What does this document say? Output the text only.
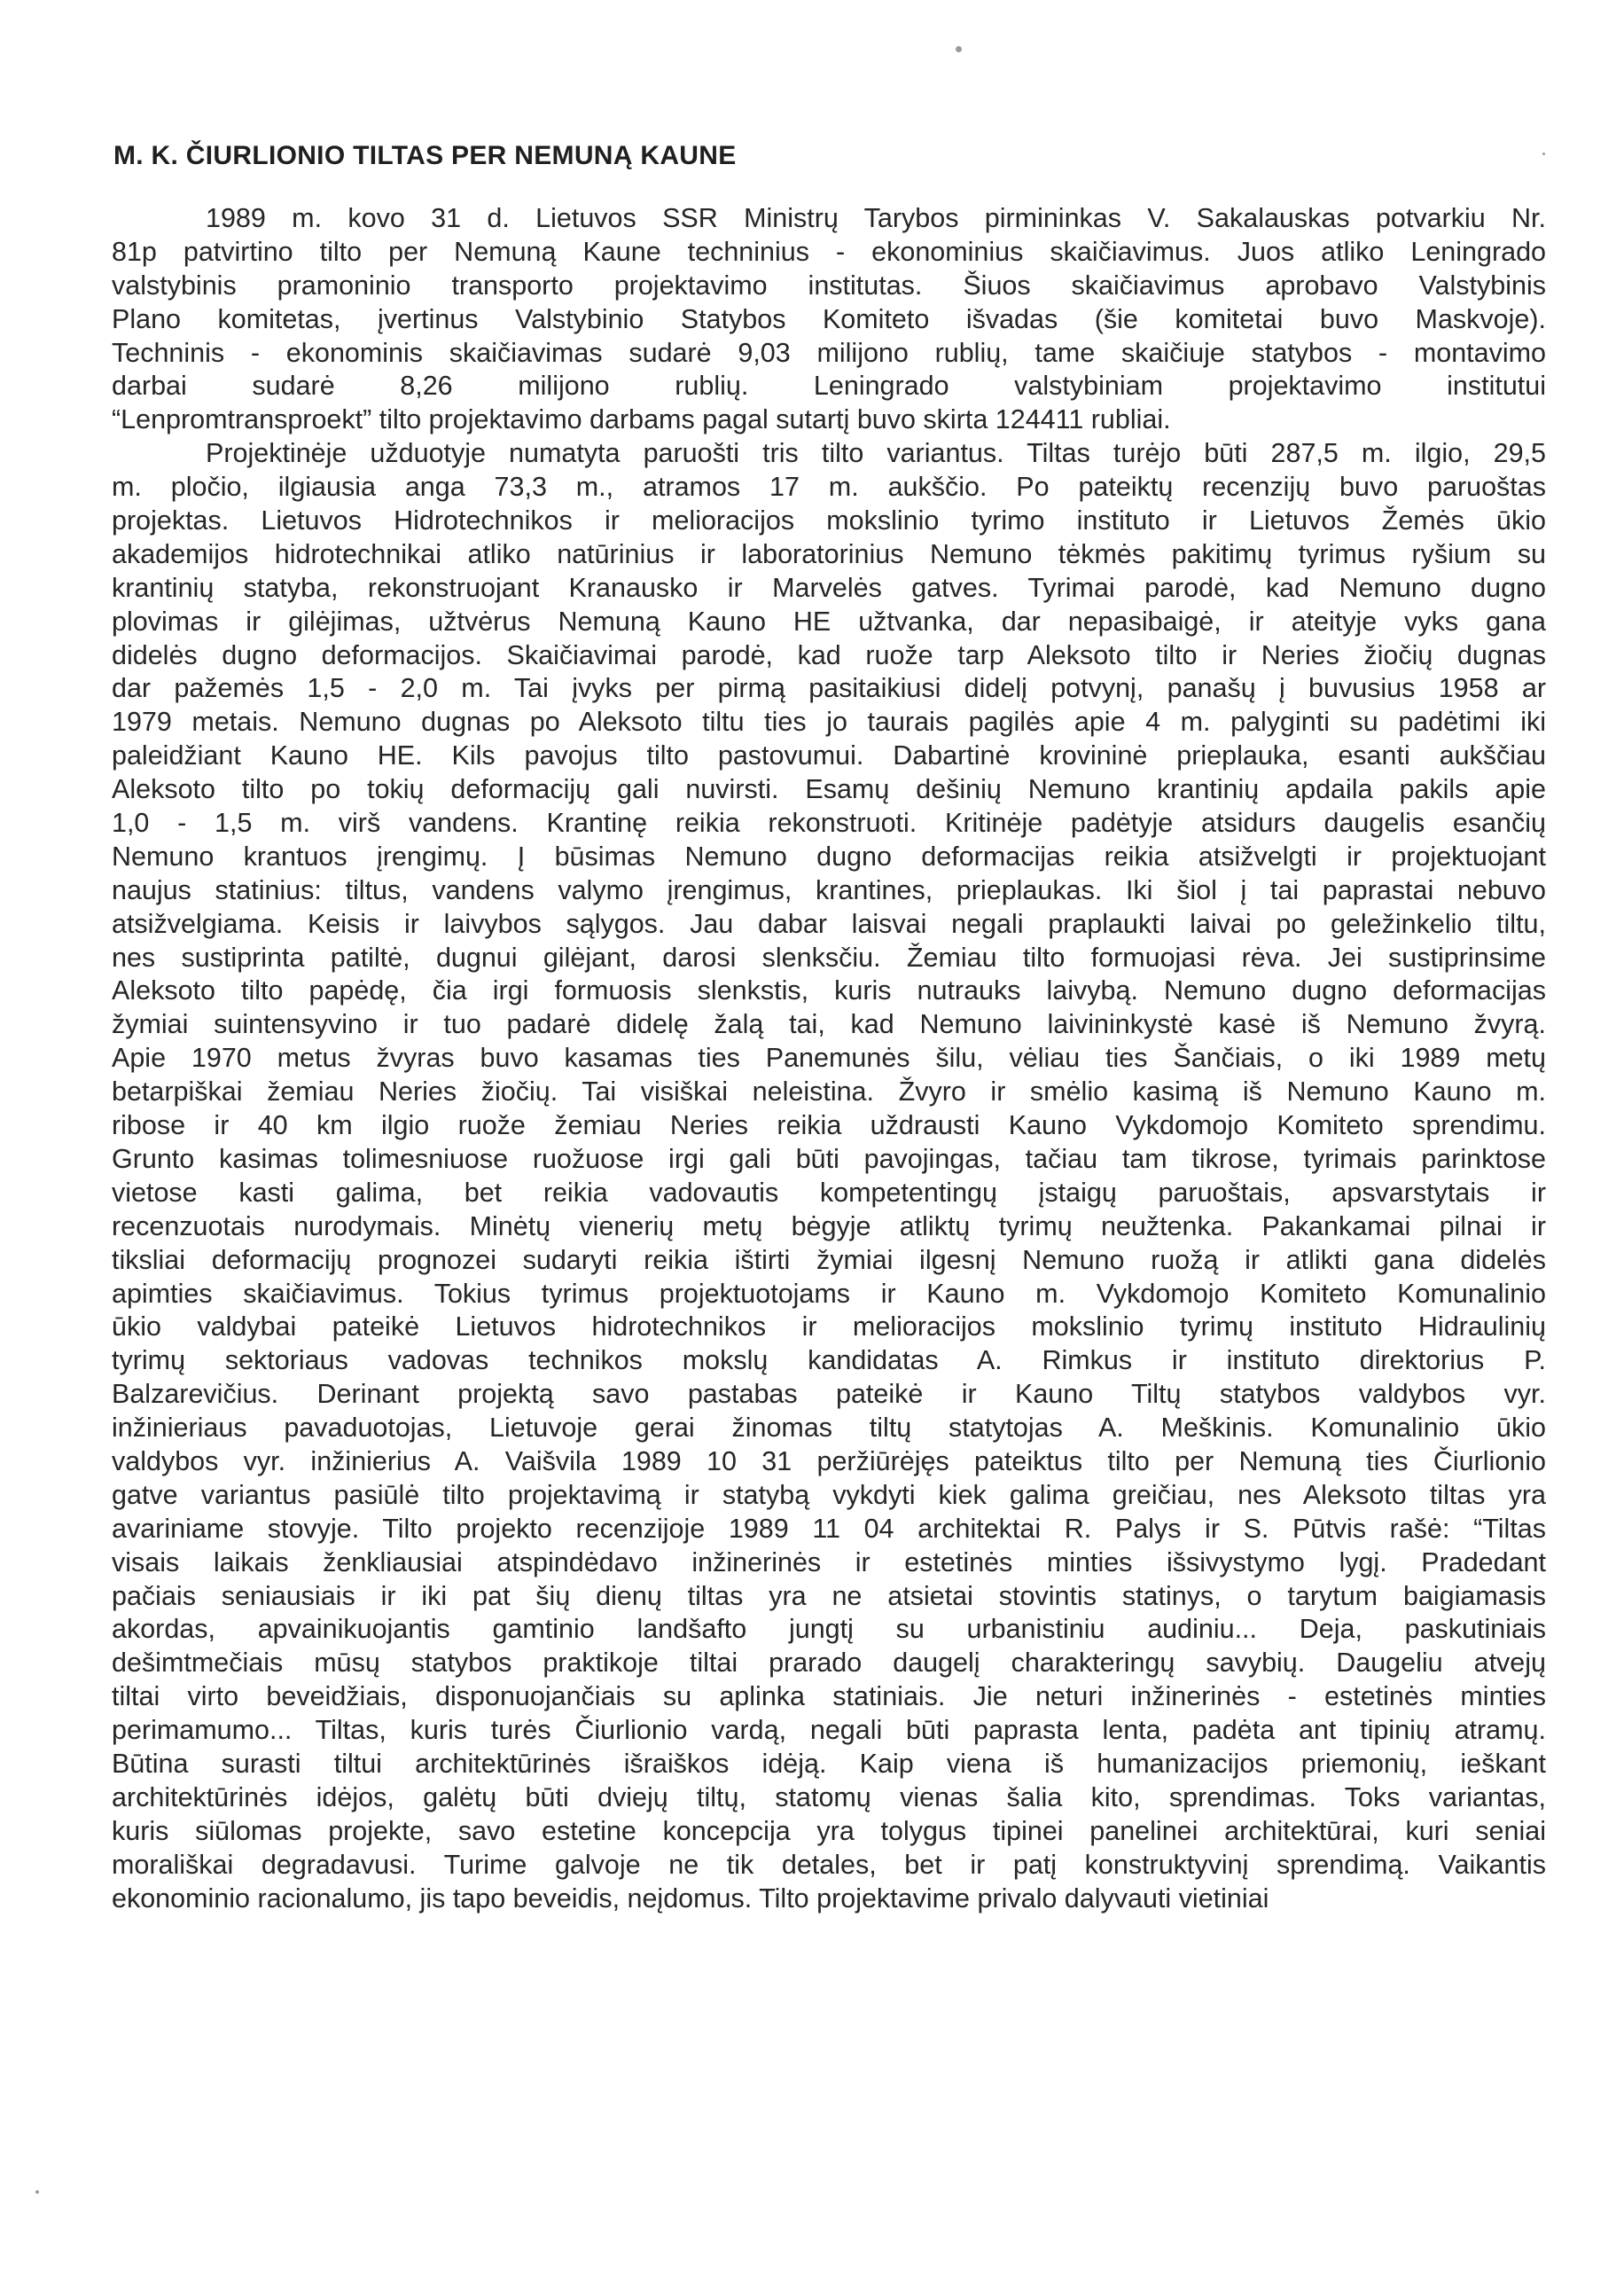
M. K. ČIURLIONIO TILTAS PER NEMUNĄ KAUNE

1989 m. kovo 31 d. Lietuvos SSR Ministrų Tarybos pirmininkas V. Sakalauskas potvarkiu Nr.
81p patvirtino tilto per Nemuną Kaune techninius - ekonominius skaičiavimus. Juos atliko Leningrado
valstybinis pramoninio transporto projektavimo institutas. Šiuos skaičiavimus aprobavo Valstybinis
Plano komitetas, įvertinus Valstybinio Statybos Komiteto išvadas (šie komitetai buvo Maskvoje).
Techninis - ekonominis skaičiavimas sudarė 9,03 milijono rublių, tame skaičiuje statybos - montavimo
darbai sudarė 8,26 milijono rublių. Leningrado valstybiniam projektavimo institutui
“Lenpromtransproekt” tilto projektavimo darbams pagal sutartį buvo skirta 124411 rubliai.

Projektinėje užduotyje numatyta paruošti tris tilto variantus. Tiltas turėjo būti 287,5 m. ilgio, 29,5
m. pločio, ilgiausia anga 73,3 m., atramos 17 m. aukščio. Po pateiktų recenzijų buvo paruoštas
projektas. Lietuvos Hidrotechnikos ir melioracijos mokslinio tyrimo instituto ir Lietuvos Žemės ūkio
akademijos hidrotechnikai atliko natūrinius ir laboratorinius Nemuno tėkmės pakitimų tyrimus ryšium su
krantinių statyba, rekonstruojant Kranausko ir Marvelės gatves. Tyrimai parodė, kad Nemuno dugno
plovimas ir gilėjimas, užtvėrus Nemuną Kauno HE užtvanka, dar nepasibaigė, ir ateityje vyks gana
didelės dugno deformacijos. Skaičiavimai parodė, kad ruože tarp Aleksoto tilto ir Neries žiočių dugnas
dar pažemės 1,5 - 2,0 m. Tai įvyks per pirmą pasitaikiusi didelį potvynį, panašų į buvusius 1958 ar
1979 metais. Nemuno dugnas po Aleksoto tiltu ties jo taurais pagilės apie 4 m. palyginti su padėtimi iki
paleidžiant Kauno HE. Kils pavojus tilto pastovumui. Dabartinė krovininė prieplauka, esanti aukščiau
Aleksoto tilto po tokių deformacijų gali nuvirsti. Esamų dešinių Nemuno krantinių apdaila pakils apie
1,0 - 1,5 m. virš vandens. Krantinę reikia rekonstruoti. Kritinėje padėtyje atsidurs daugelis esančių
Nemuno krantuos įrengimų. Į būsimas Nemuno dugno deformacijas reikia atsižvelgti ir projektuojant
naujus statinius: tiltus, vandens valymo įrengimus, krantines, prieplaukas. Iki šiol į tai paprastai nebuvo
atsižvelgiama. Keisis ir laivybos sąlygos. Jau dabar laisvai negali praplaukti laivai po geležinkelio tiltu,
nes sustiprinta patiltė, dugnui gilėjant, darosi slenksčiu. Žemiau tilto formuojasi rėva. Jei sustiprinsime
Aleksoto tilto papėdę, čia irgi formuosis slenkstis, kuris nutrauks laivybą. Nemuno dugno deformacijas
žymiai suintensyvino ir tuo padarė didelę žalą tai, kad Nemuno laivininkystė kasė iš Nemuno žvyrą.
Apie 1970 metus žvyras buvo kasamas ties Panemunės šilu, vėliau ties Šančiais, o iki 1989 metų
betarpiškai žemiau Neries žiočių. Tai visiškai neleistina. Žvyro ir smėlio kasimą iš Nemuno Kauno m.
ribose ir 40 km ilgio ruože žemiau Neries reikia uždrausti Kauno Vykdomojo Komiteto sprendimu.
Grunto kasimas tolimesniuose ruožuose irgi gali būti pavojingas, tačiau tam tikrose, tyrimais parinktose
vietose kasti galima, bet reikia vadovautis kompetentingų įstaigų paruoštais, apsvarstytais ir
recenzuotais nurodymais. Minėtų vienerių metų bėgyje atliktų tyrimų neužtenka. Pakankamai pilnai ir
tiksliai deformacijų prognozei sudaryti reikia ištirti žymiai ilgesnį Nemuno ruožą ir atlikti gana didelės
apimties skaičiavimus. Tokius tyrimus projektuotojams ir Kauno m. Vykdomojo Komiteto Komunalinio
ūkio valdybai pateikė Lietuvos hidrotechnikos ir melioracijos mokslinio tyrimų instituto Hidraulinių
tyrimų sektoriaus vadovas technikos mokslų kandidatas A. Rimkus ir instituto direktorius P.
Balzarevičius. Derinant projektą savo pastabas pateikė ir Kauno Tiltų statybos valdybos vyr.
inžinieriaus pavaduotojas, Lietuvoje gerai žinomas tiltų statytojas A. Meškinis. Komunalinio ūkio
valdybos vyr. inžinierius A. Vaišvila 1989 10 31 peržiūrėjęs pateiktus tilto per Nemuną ties Čiurlionio
gatve variantus pasiūlė tilto projektavimą ir statybą vykdyti kiek galima greičiau, nes Aleksoto tiltas yra
avariniame stovyje. Tilto projekto recenzijoje 1989 11 04 architektai R. Palys ir S. Pūtvis rašė: “Tiltas
visais laikais ženkliausiai atspindėdavo inžinerinės ir estetinės minties išsivystymo lygį. Pradedant
pačiais seniausiais ir iki pat šių dienų tiltas yra ne atsietai stovintis statinys, o tarytum baigiamasis
akordas, apvainikuojantis gamtinio landšafto jungtį su urbanistiniu audiniu... Deja, paskutiniais
dešimtmečiais mūsų statybos praktikoje tiltai prarado daugelį charakteringų savybių. Daugeliu atvejų
tiltai virto beveidžiais, disponuojančiais su aplinka statiniais. Jie neturi inžinerinės - estetinės minties
perimamumo... Tiltas, kuris turės Čiurlionio vardą, negali būti paprasta lenta, padėta ant tipinių atramų.
Būtina surasti tiltui architektūrinės išraiškos idėją. Kaip viena iš humanizacijos priemonių, ieškant
architektūrinės idėjos, galėtų būti dviejų tiltų, statomų vienas šalia kito, sprendimas. Toks variantas,
kuris siūlomas projekte, savo estetine koncepcija yra tolygus tipinei panelinei architektūrai, kuri seniai
morališkai degradavusi. Turime galvoje ne tik detales, bet ir patį konstruktyvinį sprendimą. Vaikantis
ekonominio racionalumo, jis tapo beveidis, neįdomus. Tilto projektavime privalo dalyvauti vietiniai
